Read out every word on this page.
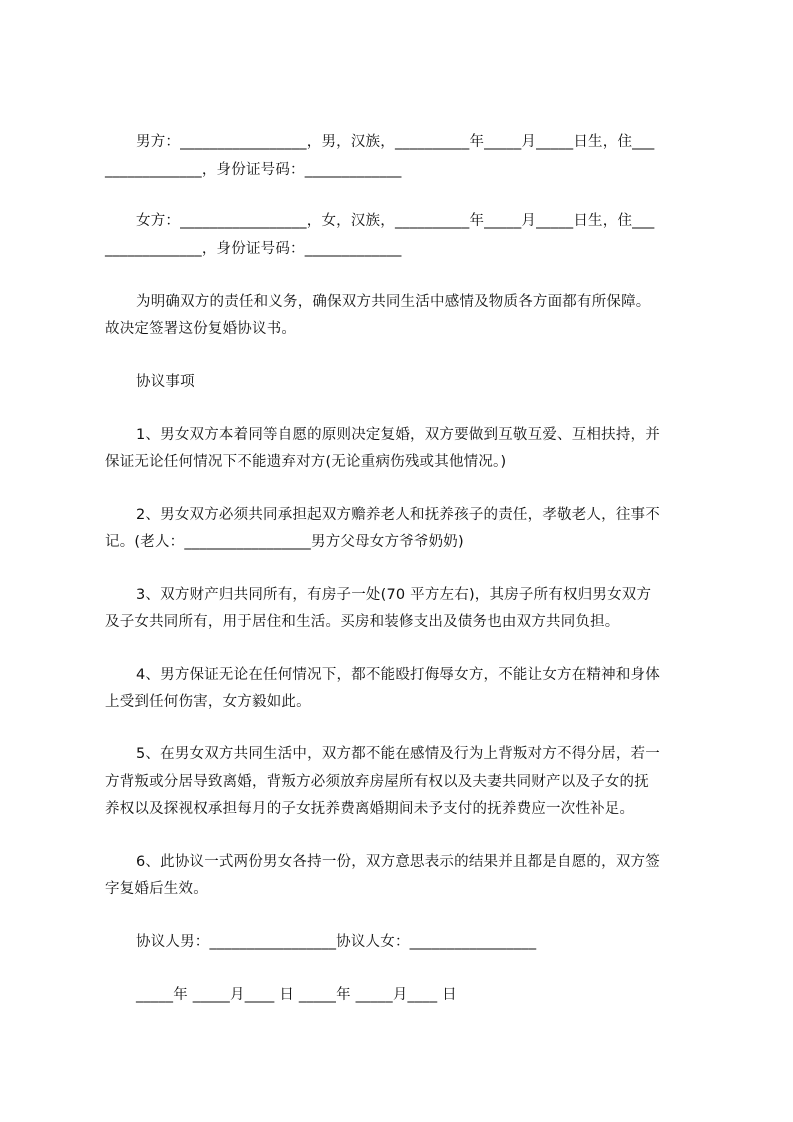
男方：_________________，男，汉族，__________年_____月_____日生，住___
_____________，身份证号码：_____________
女方：_________________，女，汉族，__________年_____月_____日生，住___
_____________，身份证号码：_____________
为明确双方的责任和义务，确保双方共同生活中感情及物质各方面都有所保障。
故决定签署这份复婚协议书。
协议事项
1、男女双方本着同等自愿的原则决定复婚，双方要做到互敬互爱、互相扶持，并
保证无论任何情况下不能遗弃对方(无论重病伤残或其他情况。)
2、男女双方必须共同承担起双方赡养老人和抚养孩子的责任，孝敬老人，往事不
记。(老人：_________________男方父母女方爷爷奶奶)
3、双方财产归共同所有，有房子一处(70 平方左右)，其房子所有权归男女双方
及子女共同所有，用于居住和生活。买房和装修支出及债务也由双方共同负担。
4、男方保证无论在任何情况下，都不能殴打侮辱女方，不能让女方在精神和身体
上受到任何伤害，女方毅如此。
5、在男女双方共同生活中，双方都不能在感情及行为上背叛对方不得分居，若一
方背叛或分居导致离婚，背叛方必须放弃房屋所有权以及夫妻共同财产以及子女的抚
养权以及探视权承担每月的子女抚养费离婚期间未予支付的抚养费应一次性补足。
6、此协议一式两份男女各持一份，双方意思表示的结果并且都是自愿的，双方签
字复婚后生效。
协议人男：_________________协议人女：_________________
_____年 _____月____ 日 _____年 _____月____ 日
